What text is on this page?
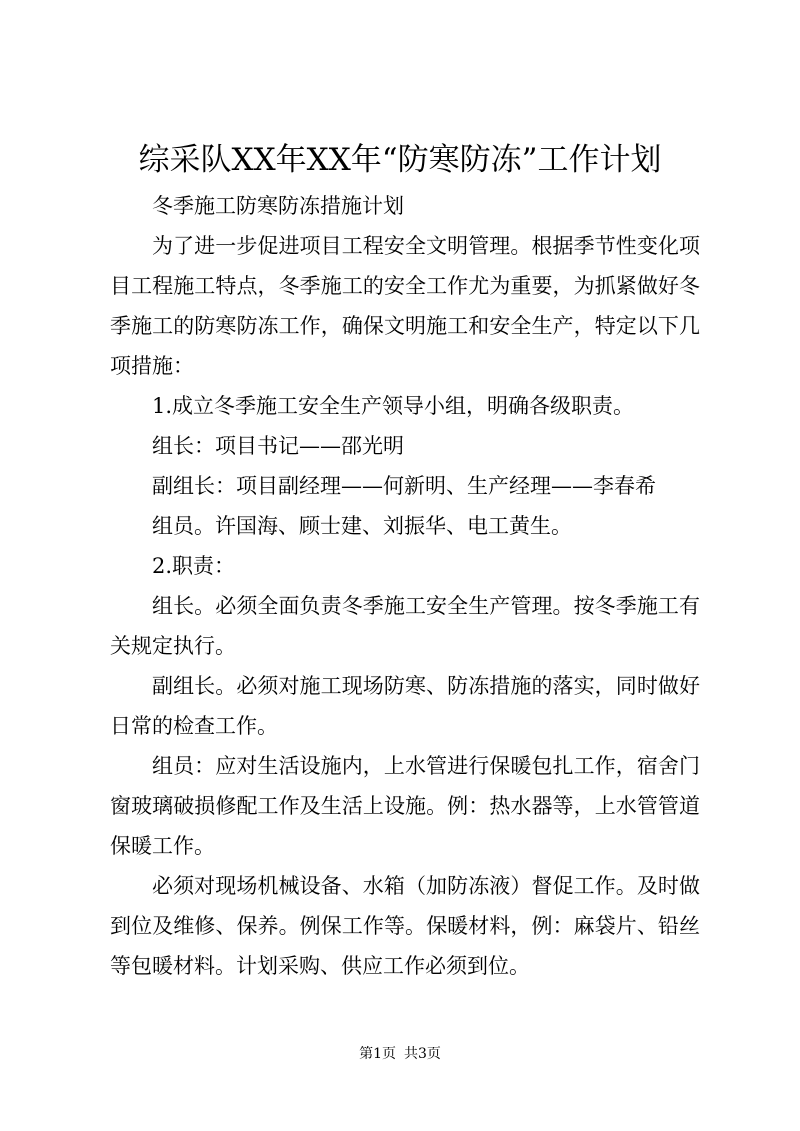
综采队XX年XX年“防寒防冻”工作计划

冬季施工防寒防冻措施计划

为了进一步促进项目工程安全文明管理。根据季节性变化项目工程施工特点，冬季施工的安全工作尤为重要，为抓紧做好冬季施工的防寒防冻工作，确保文明施工和安全生产，特定以下几项措施：

1.成立冬季施工安全生产领导小组，明确各级职责。

组长：项目书记——邵光明

副组长：项目副经理——何新明、生产经理——李春希

组员。许国海、顾士建、刘振华、电工黄生。

2.职责：

组长。必须全面负责冬季施工安全生产管理。按冬季施工有关规定执行。

副组长。必须对施工现场防寒、防冻措施的落实，同时做好日常的检查工作。

组员：应对生活设施内，上水管进行保暖包扎工作，宿舍门窗玻璃破损修配工作及生活上设施。例：热水器等，上水管管道保暖工作。

必须对现场机械设备、水箱（加防冻液）督促工作。及时做到位及维修、保养。例保工作等。保暖材料，例：麻袋片、铅丝等包暖材料。计划采购、供应工作必须到位。

第1页 共3页
